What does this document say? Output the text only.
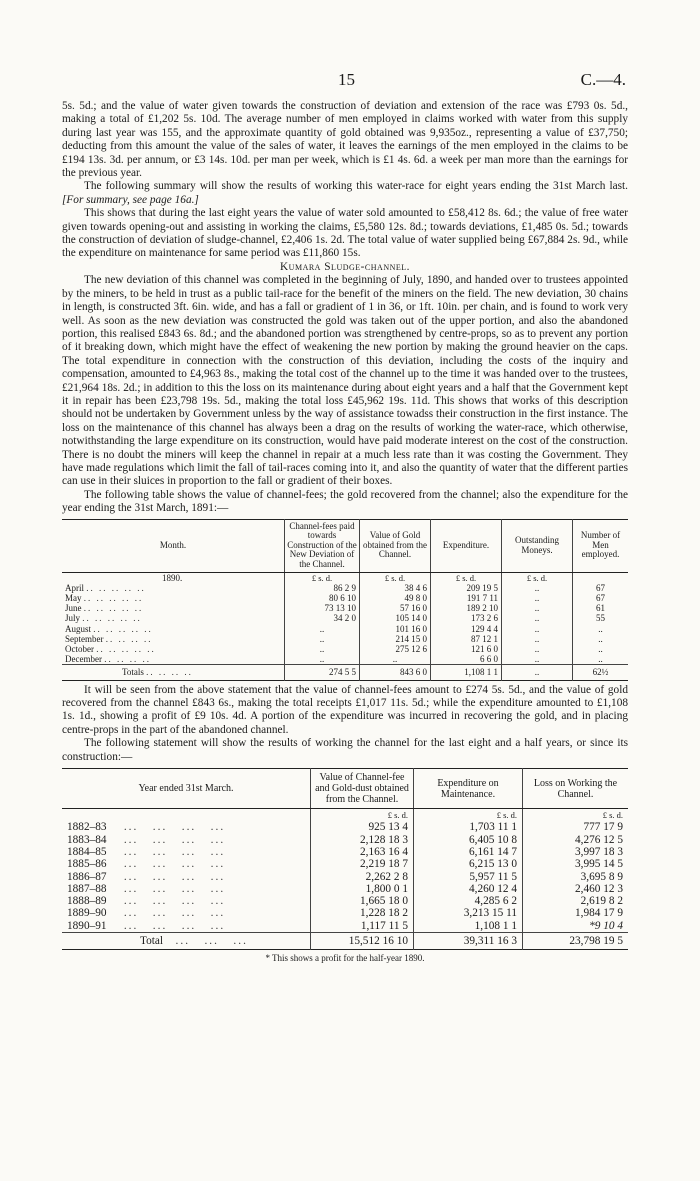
15	C.—4.

5s. 5d.; and the value of water given towards the construction of deviation and extension of the race was £793 0s. 5d., making a total of £1,202 5s. 10d. The average number of men employed in claims worked with water from this supply during last year was 155, and the approximate quantity of gold obtained was 9,935oz., representing a value of £37,750; deducting from this amount the value of the sales of water, it leaves the earnings of the men employed in the claims to be £194 13s. 3d. per annum, or £3 14s. 10d. per man per week, which is £1 4s. 6d. a week per man more than the earnings for the previous year.

The following summary will show the results of working this water-race for eight years ending the 31st March last. [For summary, see page 16a.]

This shows that during the last eight years the value of water sold amounted to £58,412 8s. 6d.; the value of free water given towards opening-out and assisting in working the claims, £5,580 12s. 8d.; towards deviations, £1,485 0s. 5d.; towards the construction of deviation of sludge-channel, £2,406 1s. 2d. The total value of water supplied being £67,884 2s. 9d., while the expenditure on maintenance for same period was £11,860 15s.

Kumara Sludge-channel.

The new deviation of this channel was completed in the beginning of July, 1890, and handed over to trustees appointed by the miners, to be held in trust as a public tail-race for the benefit of the miners on the field. The new deviation, 30 chains in length, is constructed 3ft. 6in. wide, and has a fall or gradient of 1 in 36, or 1ft. 10in. per chain, and is found to work very well. As soon as the new deviation was constructed the gold was taken out of the upper portion, and also the abandoned portion, this realised £843 6s. 8d.; and the abandoned portion was strengthened by centre-props, so as to prevent any portion of it breaking down, which might have the effect of weakening the new portion by making the ground heavier on the caps. The total expenditure in connection with the construction of this deviation, including the costs of the inquiry and compensation, amounted to £4,963 8s., making the total cost of the channel up to the time it was handed over to the trustees, £21,964 18s. 2d.; in addition to this the loss on its maintenance during about eight years and a half that the Government kept it in repair has been £23,798 19s. 5d., making the total loss £45,962 19s. 11d. This shows that works of this description should not be undertaken by Government unless by the way of assistance towadss their construction in the first instance. The loss on the maintenance of this channel has always been a drag on the results of working the water-race, which otherwise, notwithstanding the large expenditure on its construction, would have paid moderate interest on the cost of the construction. There is no doubt the miners will keep the channel in repair at a much less rate than it was costing the Government. They have made regulations which limit the fall of tail-races coming into it, and also the quantity of water that the different parties can use in their sluices in proportion to the fall or gradient of their boxes.

The following table shows the value of channel-fees; the gold recovered from the channel; also the expenditure for the year ending the 31st March, 1891:—

Month.	Channel-fees paid towards Construction of the New Deviation of the Channel.	Value of Gold obtained from the Channel.	Expenditure.	Outstanding Moneys.	Number of Men employed.
1890.	£ s. d.	£ s. d.	£ s. d.	£ s. d.	
April .. .. .. .. ..	86 2 9	38 4 6	209 19 5	..	67
May .. .. .. .. ..	80 6 10	49 8 0	191 7 11	..	67
June .. .. .. .. ..	73 13 10	57 16 0	189 2 10	..	61
July .. .. .. .. ..	34 2 0	105 14 0	173 2 6	..	55
August .. .. .. .. ..	..	101 16 0	129 4 4	..	..
September .. .. .. ..	..	214 15 0	87 12 1	..	..
October .. .. .. .. ..	..	275 12 6	121 6 0	..	..
December .. .. .. ..	..	..	6 6 0	..	..
Totals .. .. .. ..	274 5 5	843 6 0	1,108 1 1	..	62½

It will be seen from the above statement that the value of channel-fees amount to £274 5s. 5d., and the value of gold recovered from the channel £843 6s., making the total receipts £1,017 11s. 5d.; while the expenditure amounted to £1,108 1s. 1d., showing a profit of £9 10s. 4d. A portion of the expenditure was incurred in recovering the gold, and in placing centre-props in the part of the abandoned channel.

The following statement will show the results of working the channel for the last eight and a half years, or since its construction:—

Year ended 31st March.	Value of Channel-fee and Gold-dust obtained from the Channel.	Expenditure on Maintenance.	Loss on Working the Channel.
	£ s. d.	£ s. d.	£ s. d.
1882–83    ...   ...   ...   ...	925 13 4	1,703 11 1	777 17 9
1883–84    ...   ...   ...   ...	2,128 18 3	6,405 10 8	4,276 12 5
1884–85    ...   ...   ...   ...	2,163 16 4	6,161 14 7	3,997 18 3
1885–86    ...   ...   ...   ...	2,219 18 7	6,215 13 0	3,995 14 5
1886–87    ...   ...   ...   ...	2,262 2 8	5,957 11 5	3,695 8 9
1887–88    ...   ...   ...   ...	1,800 0 1	4,260 12 4	2,460 12 3
1888–89    ...   ...   ...   ...	1,665 18 0	4,285 6 2	2,619 8 2
1889–90    ...   ...   ...   ...	1,228 18 2	3,213 15 11	1,984 17 9
1890–91    ...   ...   ...   ...	1,117 11 5	1,108 1 1	*9 10 4
Total   ...   ...   ...	15,512 16 10	39,311 16 3	23,798 19 5
* This shows a profit for the half-year 1890.
